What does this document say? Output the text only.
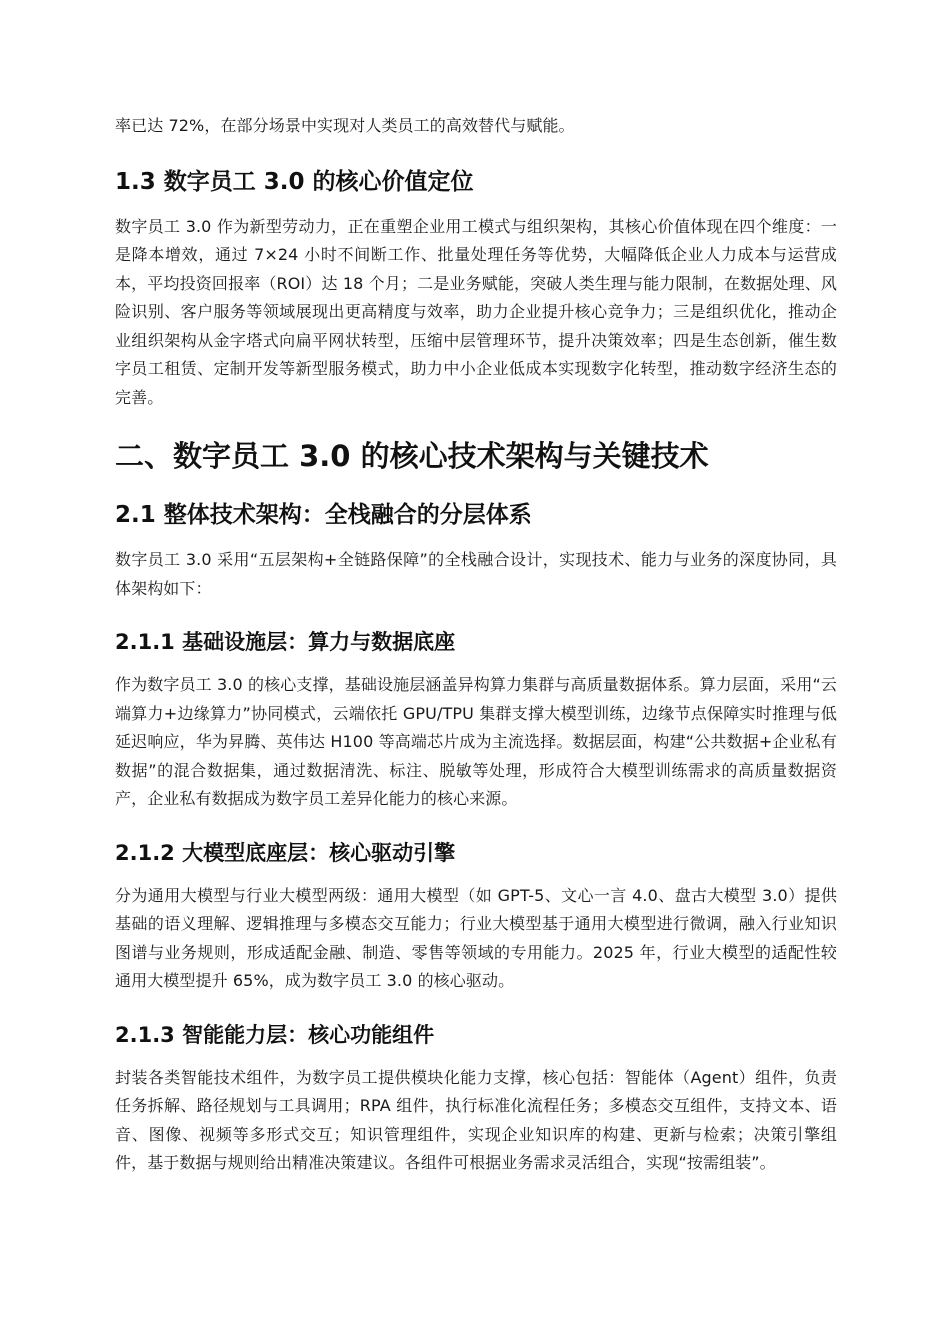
率已达 72%，在部分场景中实现对人类员工的高效替代与赋能。

1.3 数字员工 3.0 的核心价值定位

数字员工 3.0 作为新型劳动力，正在重塑企业用工模式与组织架构，其核心价值体现在四个维度：一是降本增效，通过 7×24 小时不间断工作、批量处理任务等优势，大幅降低企业人力成本与运营成本，平均投资回报率（ROI）达 18 个月；二是业务赋能，突破人类生理与能力限制，在数据处理、风险识别、客户服务等领域展现出更高精度与效率，助力企业提升核心竞争力；三是组织优化，推动企业组织架构从金字塔式向扁平网状转型，压缩中层管理环节，提升决策效率；四是生态创新，催生数字员工租赁、定制开发等新型服务模式，助力中小企业低成本实现数字化转型，推动数字经济生态的完善。

二、数字员工 3.0 的核心技术架构与关键技术
2.1 整体技术架构：全栈融合的分层体系

数字员工 3.0 采用“五层架构+全链路保障”的全栈融合设计，实现技术、能力与业务的深度协同，具体架构如下：

2.1.1 基础设施层：算力与数据底座

作为数字员工 3.0 的核心支撑，基础设施层涵盖异构算力集群与高质量数据体系。算力层面，采用“云端算力+边缘算力”协同模式，云端依托 GPU/TPU 集群支撑大模型训练，边缘节点保障实时推理与低延迟响应，华为昇腾、英伟达 H100 等高端芯片成为主流选择。数据层面，构建“公共数据+企业私有数据”的混合数据集，通过数据清洗、标注、脱敏等处理，形成符合大模型训练需求的高质量数据资产，企业私有数据成为数字员工差异化能力的核心来源。

2.1.2 大模型底座层：核心驱动引擎

分为通用大模型与行业大模型两级：通用大模型（如 GPT-5、文心一言 4.0、盘古大模型 3.0）提供基础的语义理解、逻辑推理与多模态交互能力；行业大模型基于通用大模型进行微调，融入行业知识图谱与业务规则，形成适配金融、制造、零售等领域的专用能力。2025 年，行业大模型的适配性较通用大模型提升 65%，成为数字员工 3.0 的核心驱动。

2.1.3 智能能力层：核心功能组件

封装各类智能技术组件，为数字员工提供模块化能力支撑，核心包括：智能体（Agent）组件，负责任务拆解、路径规划与工具调用；RPA 组件，执行标准化流程任务；多模态交互组件，支持文本、语音、图像、视频等多形式交互；知识管理组件，实现企业知识库的构建、更新与检索；决策引擎组件，基于数据与规则给出精准决策建议。各组件可根据业务需求灵活组合，实现“按需组装”。
